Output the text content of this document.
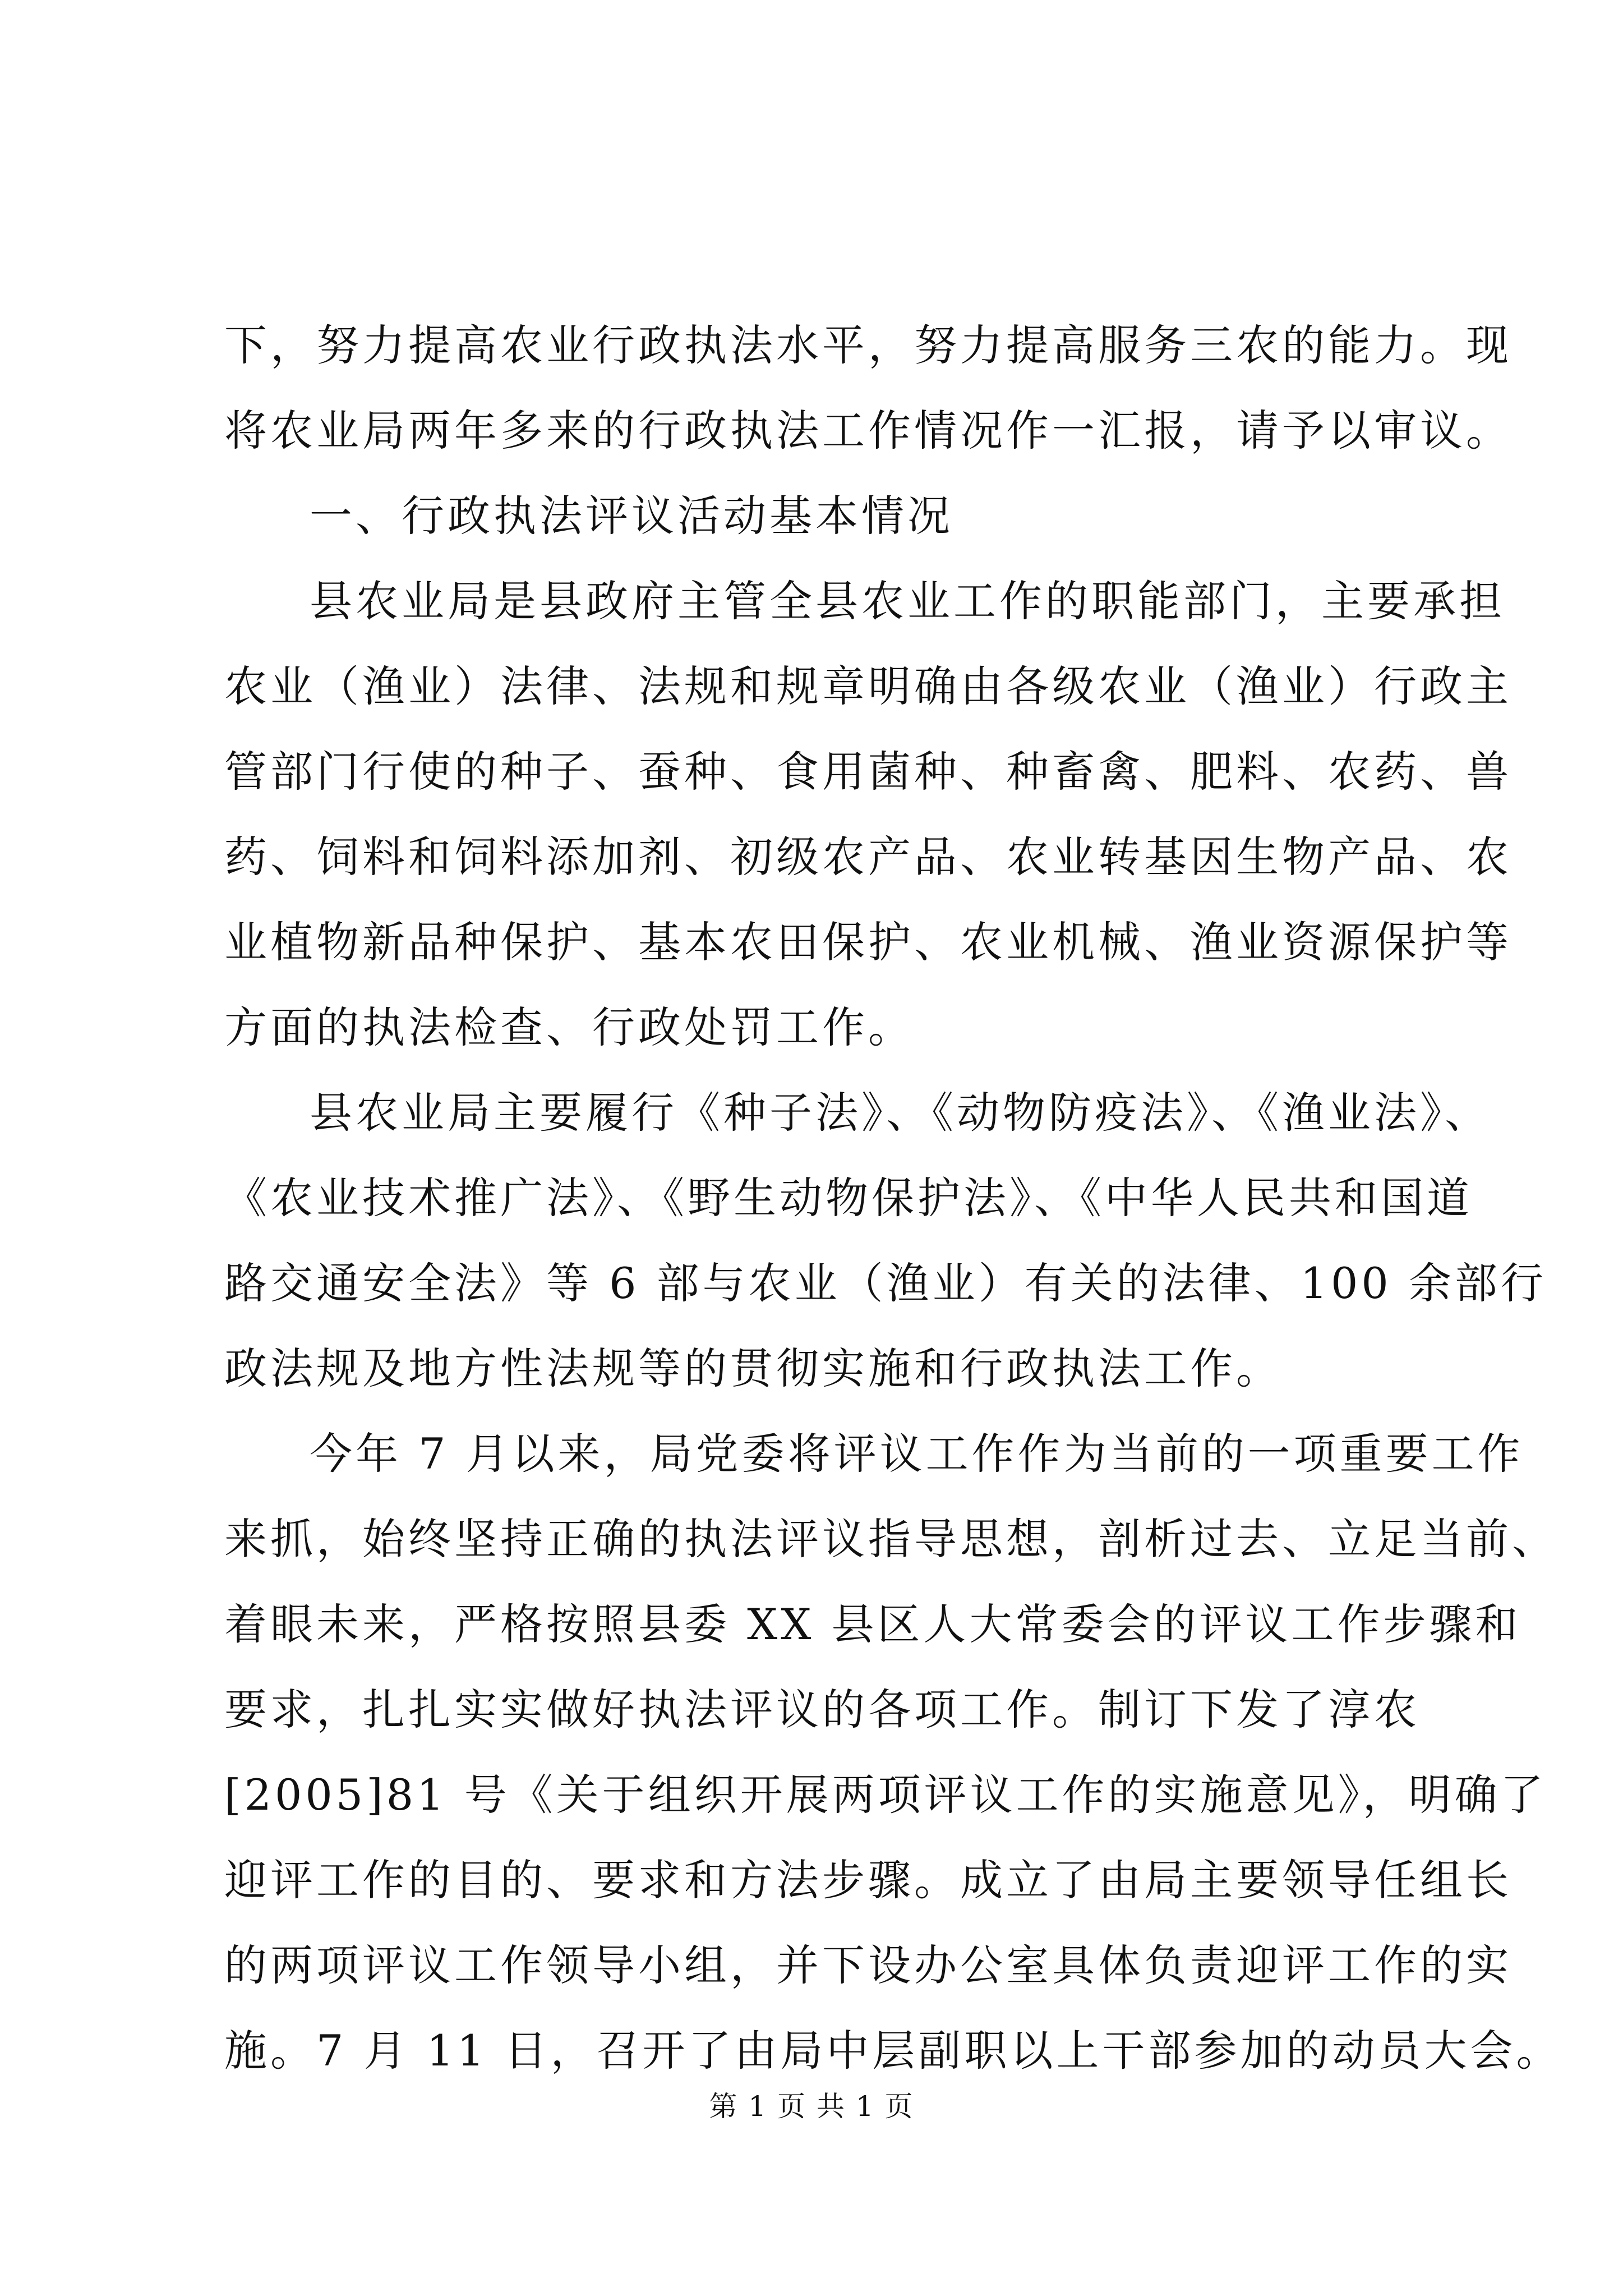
下，努力提高农业行政执法水平，努力提高服务三农的能力。现
将农业局两年多来的行政执法工作情况作一汇报，请予以审议。
一、行政执法评议活动基本情况
县农业局是县政府主管全县农业工作的职能部门，主要承担
农业（渔业）法律、法规和规章明确由各级农业（渔业）行政主
管部门行使的种子、蚕种、食用菌种、种畜禽、肥料、农药、兽
药、饲料和饲料添加剂、初级农产品、农业转基因生物产品、农
业植物新品种保护、基本农田保护、农业机械、渔业资源保护等
方面的执法检查、行政处罚工作。
县农业局主要履行《种子法》、《动物防疫法》、《渔业法》、
《农业技术推广法》、《野生动物保护法》、《中华人民共和国道
路交通安全法》等 6 部与农业（渔业）有关的法律、100 余部行
政法规及地方性法规等的贯彻实施和行政执法工作。
今年 7 月以来，局党委将评议工作作为当前的一项重要工作
来抓，始终坚持正确的执法评议指导思想，剖析过去、立足当前、
着眼未来，严格按照县委 XX 县区人大常委会的评议工作步骤和
要求，扎扎实实做好执法评议的各项工作。制订下发了淳农
[2005]81 号《关于组织开展两项评议工作的实施意见》，明确了
迎评工作的目的、要求和方法步骤。成立了由局主要领导任组长
的两项评议工作领导小组，并下设办公室具体负责迎评工作的实
施。7 月 11 日，召开了由局中层副职以上干部参加的动员大会。
第 1 页 共 1 页
